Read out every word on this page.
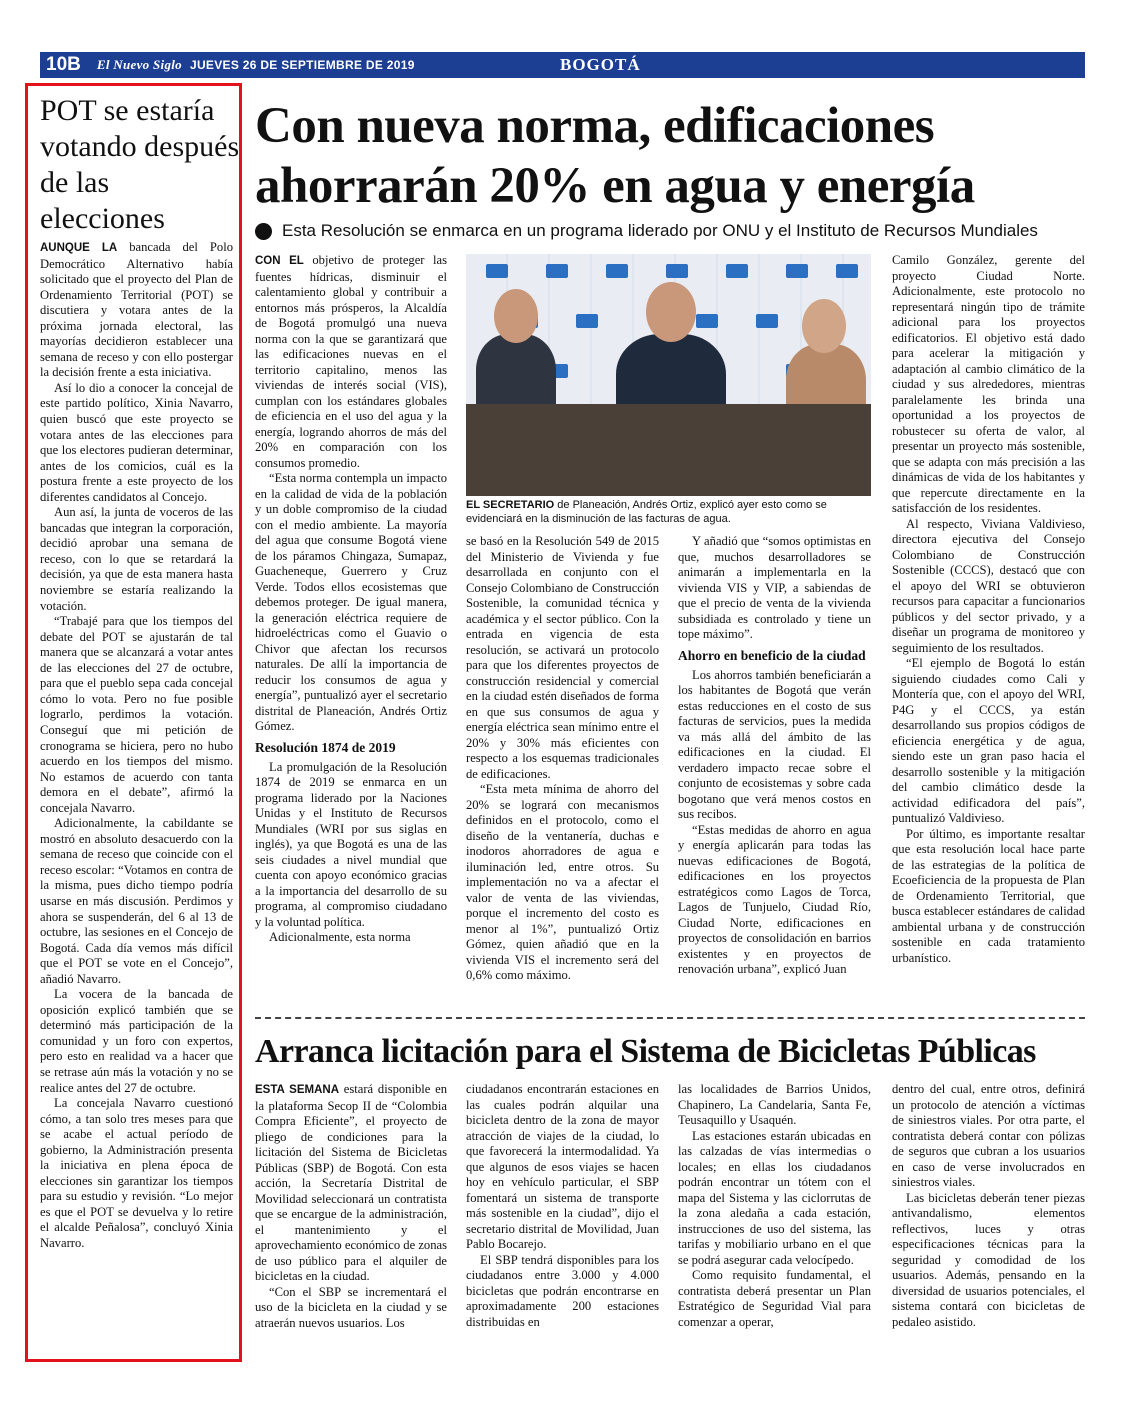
10B	El Nuevo Siglo JUEVES 26 DE SEPTIEMBRE DE 2019	BOGOTÁ
POT se estaría votando después de las elecciones

AUNQUE LA bancada del Polo Democrático Alternativo había solicitado que el proyecto del Plan de Ordenamiento Territorial (POT) se discutiera y votara antes de la próxima jornada electoral, las mayorías decidieron establecer una semana de receso y con ello postergar la decisión frente a esta iniciativa.

Así lo dio a conocer la concejal de este partido político, Xinia Navarro, quien buscó que este proyecto se votara antes de las elecciones para que los electores pudieran determinar, antes de los comicios, cuál es la postura frente a este proyecto de los diferentes candidatos al Concejo.

Aun así, la junta de voceros de las bancadas que integran la corporación, decidió aprobar una semana de receso, con lo que se retardará la decisión, ya que de esta manera hasta noviembre se estaría realizando la votación.

“Trabajé para que los tiempos del debate del POT se ajustarán de tal manera que se alcanzará a votar antes de las elecciones del 27 de octubre, para que el pueblo sepa cada concejal cómo lo vota. Pero no fue posible lograrlo, perdimos la votación. Conseguí que mi petición de cronograma se hiciera, pero no hubo acuerdo en los tiempos del mismo. No estamos de acuerdo con tanta demora en el debate”, afirmó la concejala Navarro.

Adicionalmente, la cabildante se mostró en absoluto desacuerdo con la semana de receso que coincide con el receso escolar: “Votamos en contra de la misma, pues dicho tiempo podría usarse en más discusión. Perdimos y ahora se suspenderán, del 6 al 13 de octubre, las sesiones en el Concejo de Bogotá. Cada día vemos más difícil que el POT se vote en el Concejo”, añadió Navarro.

La vocera de la bancada de oposición explicó también que se determinó más participación de la comunidad y un foro con expertos, pero esto en realidad va a hacer que se retrase aún más la votación y no se realice antes del 27 de octubre.

La concejala Navarro cuestionó cómo, a tan solo tres meses para que se acabe el actual período de gobierno, la Administración presenta la iniciativa en plena época de elecciones sin garantizar los tiempos para su estudio y revisión. “Lo mejor es que el POT se devuelva y lo retire el alcalde Peñalosa”, concluyó Xinia Navarro.

Con nueva norma, edificaciones ahorrarán 20% en agua y energía
Esta Resolución se enmarca en un programa liderado por ONU y el Instituto de Recursos Mundiales

CON EL objetivo de proteger las fuentes hídricas, disminuir el calentamiento global y contribuir a entornos más prósperos, la Alcaldía de Bogotá promulgó una nueva norma con la que se garantizará que las edificaciones nuevas en el territorio capitalino, menos las viviendas de interés social (VIS), cumplan con los estándares globales de eficiencia en el uso del agua y la energía, logrando ahorros de más del 20% en comparación con los consumos promedio.

“Esta norma contempla un impacto en la calidad de vida de la población y un doble compromiso de la ciudad con el medio ambiente. La mayoría del agua que consume Bogotá viene de los páramos Chingaza, Sumapaz, Guacheneque, Guerrero y Cruz Verde. Todos ellos ecosistemas que debemos proteger. De igual manera, la generación eléctrica requiere de hidroeléctricas como el Guavio o Chivor que afectan los recursos naturales. De allí la importancia de reducir los consumos de agua y energía”, puntualizó ayer el secretario distrital de Planeación, Andrés Ortiz Gómez.

Resolución 1874 de 2019

La promulgación de la Resolución 1874 de 2019 se enmarca en un programa liderado por la Naciones Unidas y el Instituto de Recursos Mundiales (WRI por sus siglas en inglés), ya que Bogotá es una de las seis ciudades a nivel mundial que cuenta con apoyo económico gracias a la importancia del desarrollo de su programa, al compromiso ciudadano y la voluntad política.

Adicionalmente, esta norma

EL SECRETARIO de Planeación, Andrés Ortiz, explicó ayer esto como se evidenciará en la disminución de las facturas de agua.

se basó en la Resolución 549 de 2015 del Ministerio de Vivienda y fue desarrollada en conjunto con el Consejo Colombiano de Construcción Sostenible, la comunidad técnica y académica y el sector público. Con la entrada en vigencia de esta resolución, se activará un protocolo para que los diferentes proyectos de construcción residencial y comercial en la ciudad estén diseñados de forma en que sus consumos de agua y energía eléctrica sean mínimo entre el 20% y 30% más eficientes con respecto a los esquemas tradicionales de edificaciones.

“Esta meta mínima de ahorro del 20% se logrará con mecanismos definidos en el protocolo, como el diseño de la ventanería, duchas e inodoros ahorradores de agua e iluminación led, entre otros. Su implementación no va a afectar el valor de venta de las viviendas, porque el incremento del costo es menor al 1%”, puntualizó Ortiz Gómez, quien añadió que en la vivienda VIS el incremento será del 0,6% como máximo.

Y añadió que “somos optimistas en que, muchos desarrolladores se animarán a implementarla en la vivienda VIS y VIP, a sabiendas de que el precio de venta de la vivienda subsidiada es controlado y tiene un tope máximo”.

Ahorro en beneficio de la ciudad

Los ahorros también beneficiarán a los habitantes de Bogotá que verán estas reducciones en el costo de sus facturas de servicios, pues la medida va más allá del ámbito de las edificaciones en la ciudad. El verdadero impacto recae sobre el conjunto de ecosistemas y sobre cada bogotano que verá menos costos en sus recibos.

“Estas medidas de ahorro en agua y energía aplicarán para todas las nuevas edificaciones de Bogotá, edificaciones en los proyectos estratégicos como Lagos de Torca, Lagos de Tunjuelo, Ciudad Río, Ciudad Norte, edificaciones en proyectos de consolidación en barrios existentes y en proyectos de renovación urbana”, explicó Juan

Camilo González, gerente del proyecto Ciudad Norte. Adicionalmente, este protocolo no representará ningún tipo de trámite adicional para los proyectos edificatorios. El objetivo está dado para acelerar la mitigación y adaptación al cambio climático de la ciudad y sus alrededores, mientras paralelamente les brinda una oportunidad a los proyectos de robustecer su oferta de valor, al presentar un proyecto más sostenible, que se adapta con más precisión a las dinámicas de vida de los habitantes y que repercute directamente en la satisfacción de los residentes.

Al respecto, Viviana Valdivieso, directora ejecutiva del Consejo Colombiano de Construcción Sostenible (CCCS), destacó que con el apoyo del WRI se obtuvieron recursos para capacitar a funcionarios públicos y del sector privado, y a diseñar un programa de monitoreo y seguimiento de los resultados.

“El ejemplo de Bogotá lo están siguiendo ciudades como Cali y Montería que, con el apoyo del WRI, P4G y el CCCS, ya están desarrollando sus propios códigos de eficiencia energética y de agua, siendo este un gran paso hacia el desarrollo sostenible y la mitigación del cambio climático desde la actividad edificadora del país”, puntualizó Valdivieso.

Por último, es importante resaltar que esta resolución local hace parte de las estrategias de la política de Ecoeficiencia de la propuesta de Plan de Ordenamiento Territorial, que busca establecer estándares de calidad ambiental urbana y de construcción sostenible en cada tratamiento urbanístico.

Arranca licitación para el Sistema de Bicicletas Públicas

ESTA SEMANA estará disponible en la plataforma Secop II de “Colombia Compra Eficiente”, el proyecto de pliego de condiciones para la licitación del Sistema de Bicicletas Públicas (SBP) de Bogotá. Con esta acción, la Secretaría Distrital de Movilidad seleccionará un contratista que se encargue de la administración, el mantenimiento y el aprovechamiento económico de zonas de uso público para el alquiler de bicicletas en la ciudad.

“Con el SBP se incrementará el uso de la bicicleta en la ciudad y se atraerán nuevos usuarios. Los

ciudadanos encontrarán estaciones en las cuales podrán alquilar una bicicleta dentro de la zona de mayor atracción de viajes de la ciudad, lo que favorecerá la intermodalidad. Ya que algunos de esos viajes se hacen hoy en vehículo particular, el SBP fomentará un sistema de transporte más sostenible en la ciudad”, dijo el secretario distrital de Movilidad, Juan Pablo Bocarejo.

El SBP tendrá disponibles para los ciudadanos entre 3.000 y 4.000 bicicletas que podrán encontrarse en aproximadamente 200 estaciones distribuidas en

las localidades de Barrios Unidos, Chapinero, La Candelaria, Santa Fe, Teusaquillo y Usaquén.

Las estaciones estarán ubicadas en las calzadas de vías intermedias o locales; en ellas los ciudadanos podrán encontrar un tótem con el mapa del Sistema y las ciclorrutas de la zona aledaña a cada estación, instrucciones de uso del sistema, las tarifas y mobiliario urbano en el que se podrá asegurar cada velocípedo.

Como requisito fundamental, el contratista deberá presentar un Plan Estratégico de Seguridad Vial para comenzar a operar,

dentro del cual, entre otros, definirá un protocolo de atención a víctimas de siniestros viales. Por otra parte, el contratista deberá contar con pólizas de seguros que cubran a los usuarios en caso de verse involucrados en siniestros viales.

Las bicicletas deberán tener piezas antivandalismo, elementos reflectivos, luces y otras especificaciones técnicas para la seguridad y comodidad de los usuarios. Además, pensando en la diversidad de usuarios potenciales, el sistema contará con bicicletas de pedaleo asistido.
